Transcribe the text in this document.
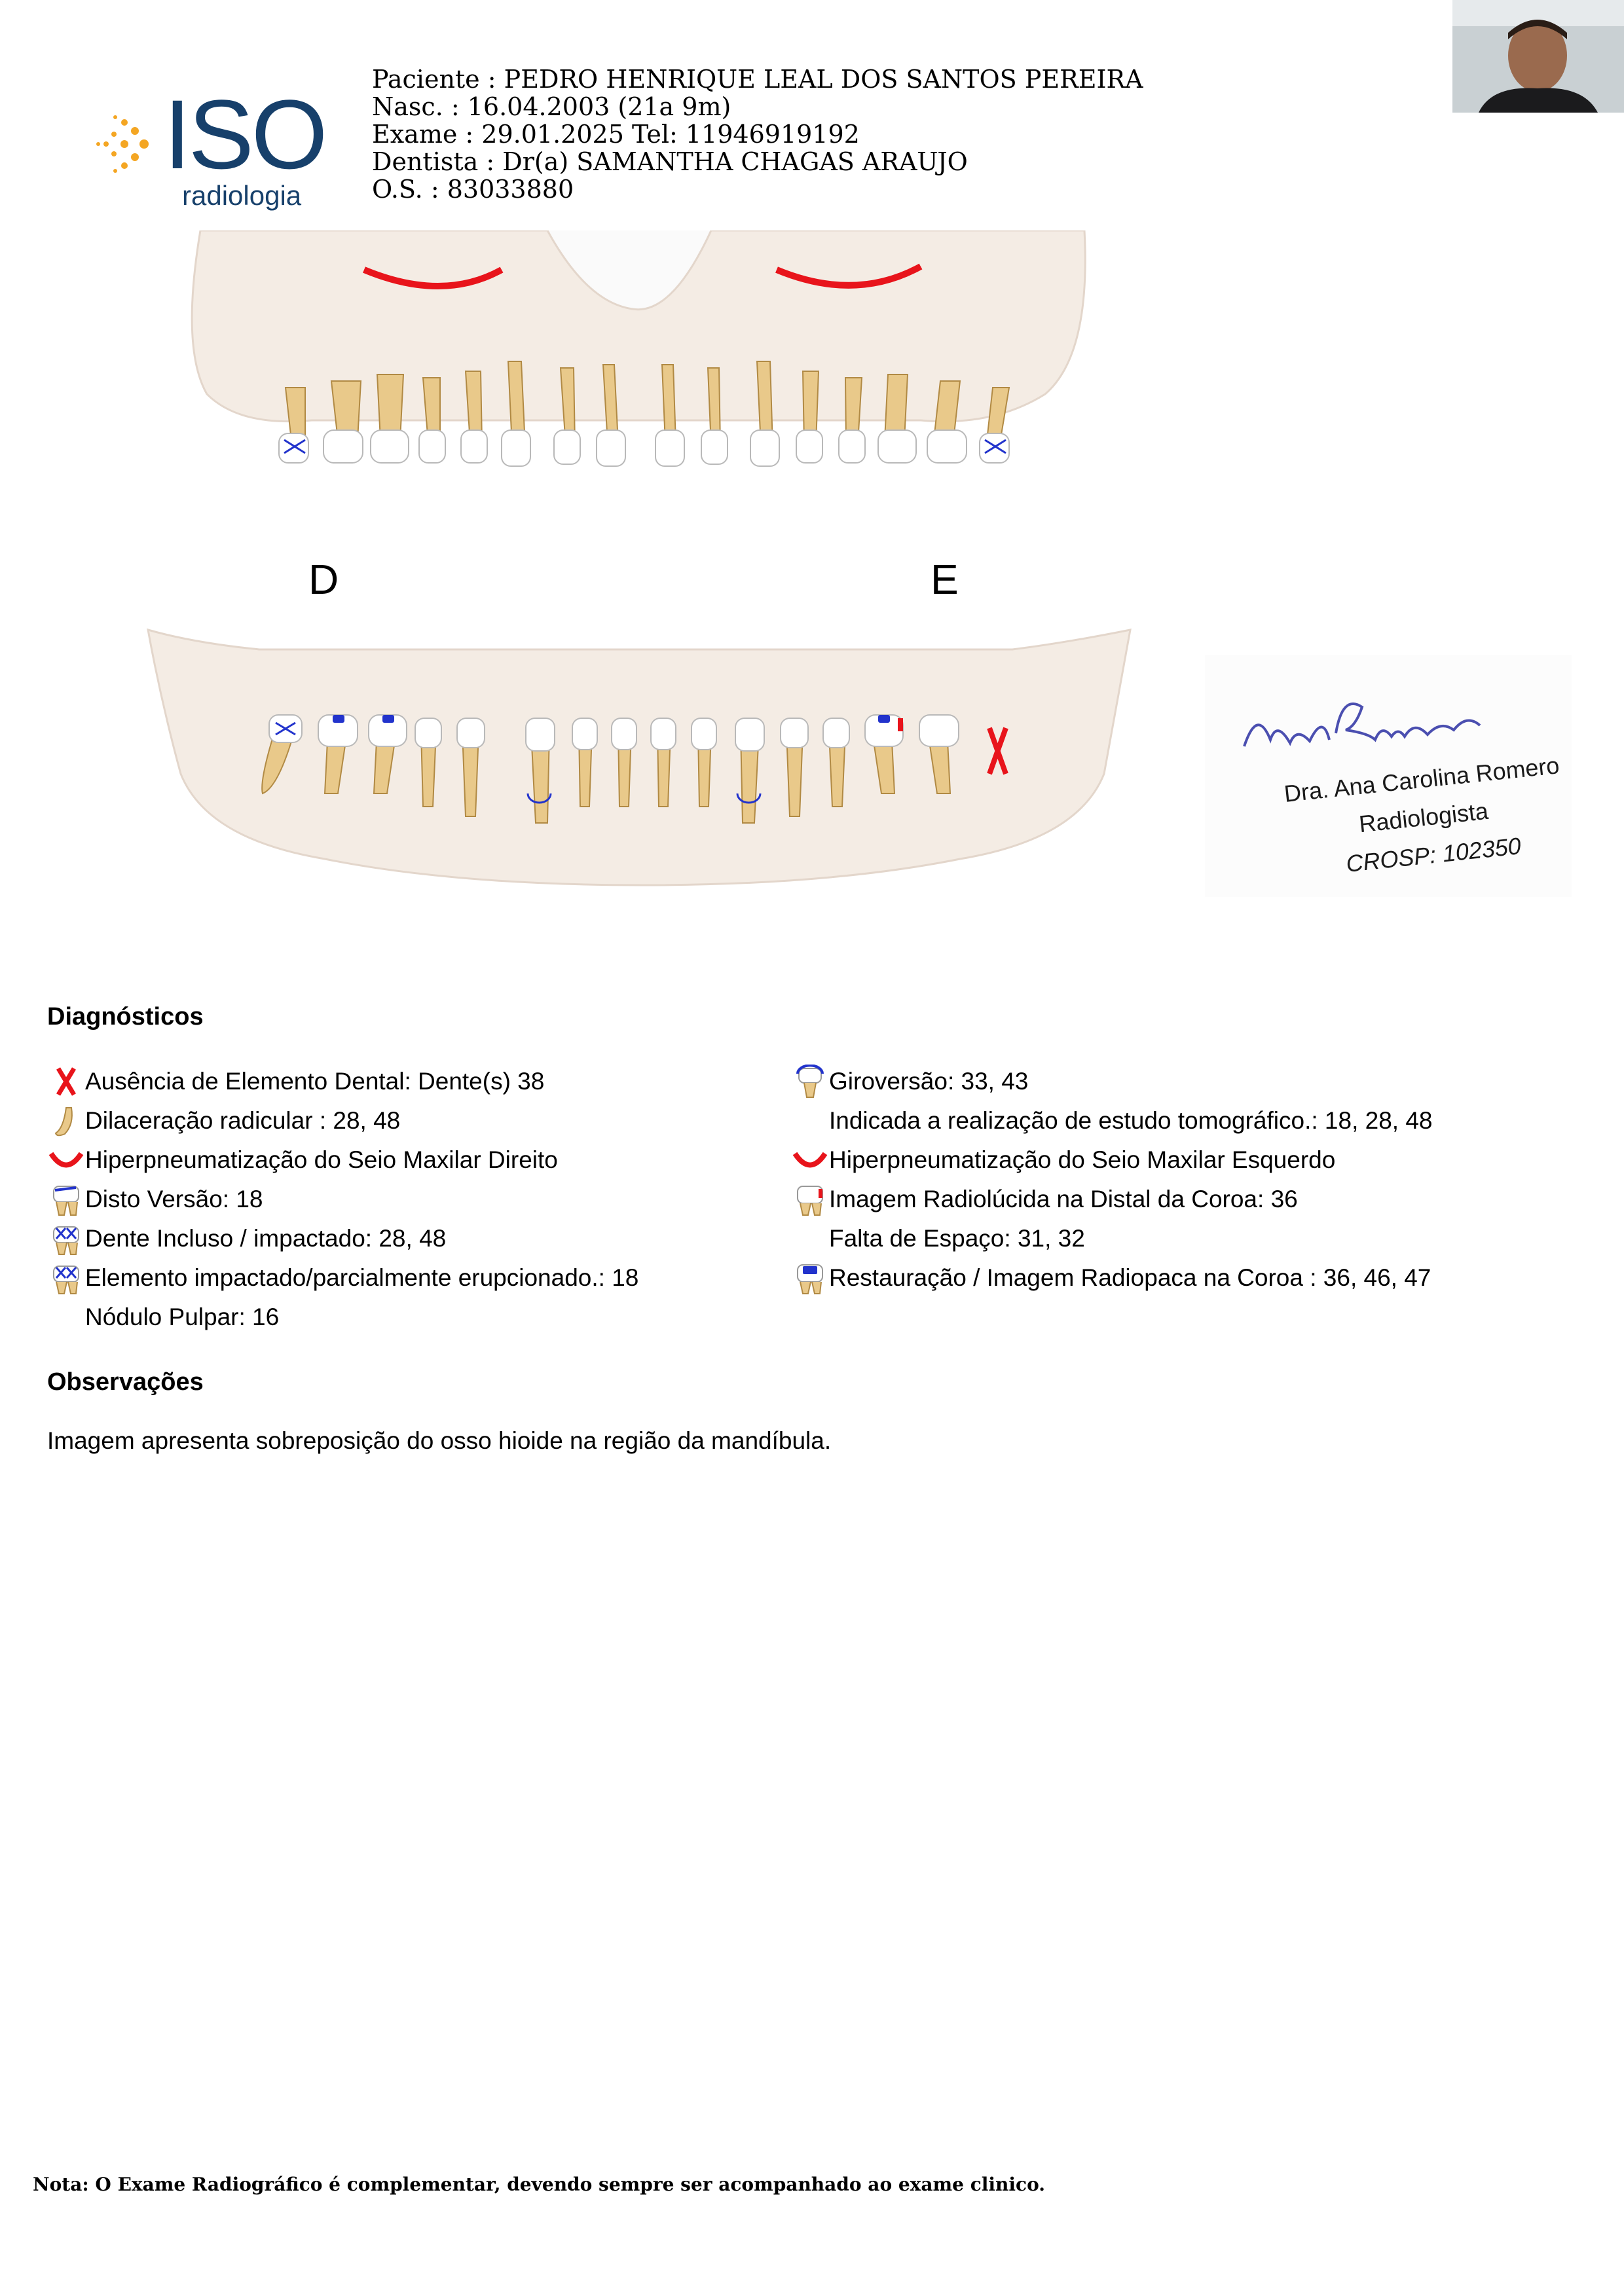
ISO
radiologia
Paciente : PEDRO HENRIQUE LEAL DOS SANTOS PEREIRA
Nasc. : 16.04.2003 (21a 9m)
Exame : 29.01.2025 Tel: 11946919192
Dentista : Dr(a) SAMANTHA CHAGAS ARAUJO
O.S. : 83033880
D	E
Dra. Ana Carolina Romero
Radiologista
CROSP: 102350
Diagnósticos
Ausência de Elemento Dental: Dente(s) 38
Dilaceração radicular : 28, 48
Hiperpneumatização do Seio Maxilar Direito
Disto Versão: 18
Dente Incluso / impactado: 28, 48
Elemento impactado/parcialmente erupcionado.: 18
Nódulo Pulpar: 16
Giroversão: 33, 43
Indicada a realização de estudo tomográfico.: 18, 28, 48
Hiperpneumatização do Seio Maxilar Esquerdo
Imagem Radiolúcida na Distal da Coroa: 36
Falta de Espaço: 31, 32
Restauração / Imagem Radiopaca na Coroa : 36, 46, 47
Observações
Imagem apresenta sobreposição do osso hioide na região da mandíbula.
Nota: O Exame Radiográfico é complementar, devendo sempre ser acompanhado ao exame clinico.
